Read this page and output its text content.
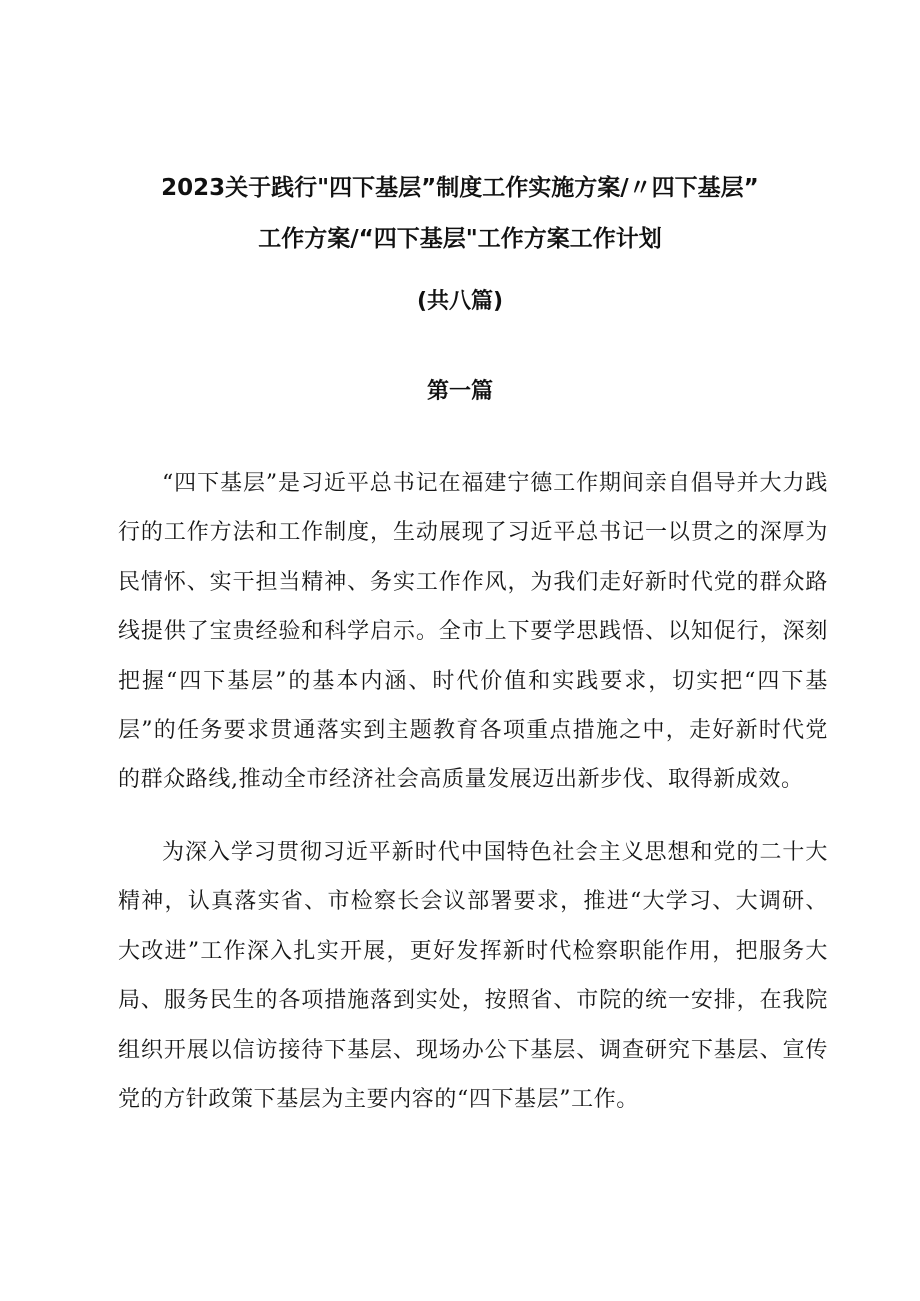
2023关于践行"四下基层”制度工作实施方案/〃四下基层”
工作方案/“四下基层"工作方案工作计划
(共八篇)
第一篇

“四下基层”是习近平总书记在福建宁德工作期间亲自倡导并大力践行的工作方法和工作制度，生动展现了习近平总书记一以贯之的深厚为民情怀、实干担当精神、务实工作作风，为我们走好新时代党的群众路线提供了宝贵经验和科学启示。全市上下要学思践悟、以知促行，深刻把握“四下基层”的基本内涵、时代价值和实践要求，切实把“四下基层”的任务要求贯通落实到主题教育各项重点措施之中，走好新时代党的群众路线,推动全市经济社会高质量发展迈出新步伐、取得新成效。

为深入学习贯彻习近平新时代中国特色社会主义思想和党的二十大精神，认真落实省、市检察长会议部署要求，推进“大学习、大调研、大改进”工作深入扎实开展，更好发挥新时代检察职能作用，把服务大局、服务民生的各项措施落到实处，按照省、市院的统一安排，在我院组织开展以信访接待下基层、现场办公下基层、调查研究下基层、宣传党的方针政策下基层为主要内容的“四下基层”工作。
